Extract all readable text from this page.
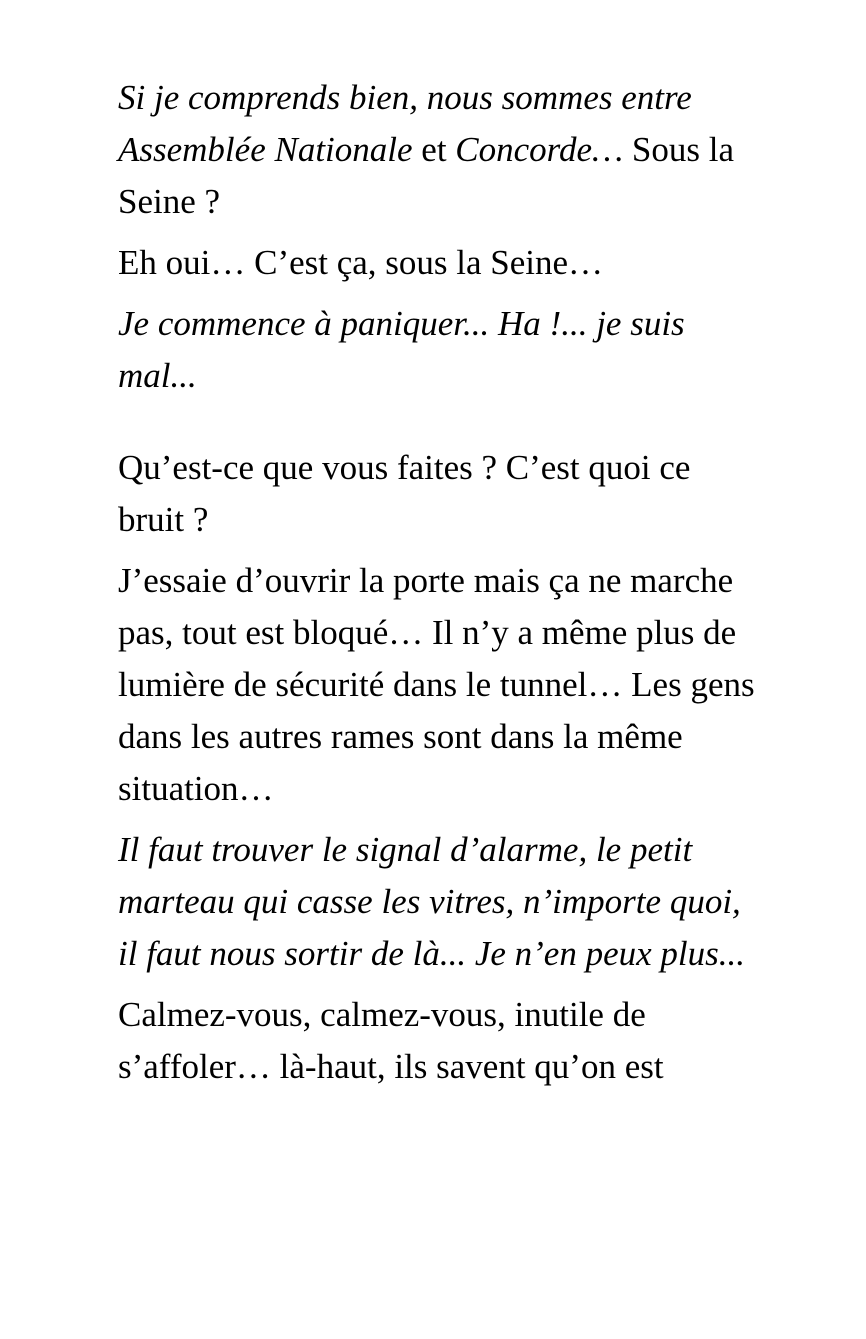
Si je comprends bien, nous sommes entre Assemblée Nationale et Concorde… Sous la Seine ?

Eh oui… C’est ça, sous la Seine…

Je commence à paniquer... Ha !... je suis mal...

Qu’est-ce que vous faites ? C’est quoi ce bruit ?

J’essaie d’ouvrir la porte mais ça ne marche pas, tout est bloqué… Il n’y a même plus de lumière de sécurité dans le tunnel… Les gens dans les autres rames sont dans la même situation…

Il faut trouver le signal d’alarme, le petit marteau qui casse les vitres, n’importe quoi, il faut nous sortir de là... Je n’en peux plus...

Calmez-vous, calmez-vous, inutile de s’affoler… là-haut, ils savent qu’on est
